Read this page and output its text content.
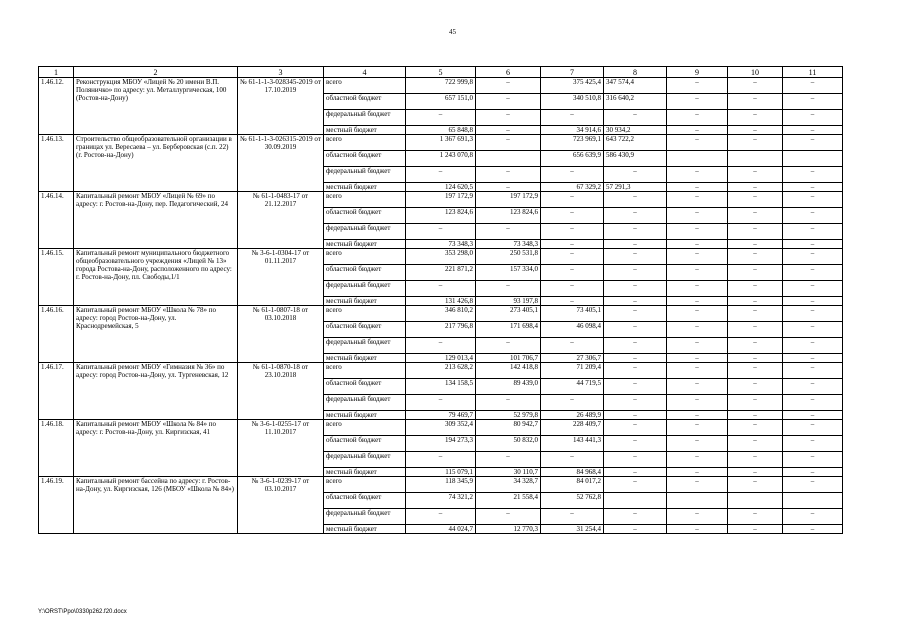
45
1	2	3	4	5	6	7	8	9	10	11
1.46.12.	Реконструкция МБОУ «Лицей № 20 имени В.П. Поляничко» по адресу: ул. Металлургическая, 100 (Ростов-на-Дону)	№ 61-1-1-3-028345-2019 от 17.10.2019	всего	722 999,8	–	375 425,4	347 574,4	–	–	–
			областной бюджет	657 151,0	–	340 510,8	316 640,2	–	–	–
			федеральный бюджет	–	–	–	–	–	–	–
			местный бюджет	65 848,8	–	34 914,6	30 934,2	–	–	–
1.46.13.	Строительство общеобразовательной организации в границах ул. Вересаева – ул. Берберовская (с.п. 22) (г. Ростов-на-Дону)	№ 61-1-1-3-026315-2019 от 30.09.2019	всего	1 367 691,3	–	723 969,1	643 722,2	–	–	–
			областной бюджет	1 243 070,8		656 639,9	586 430,9			
			федеральный бюджет	–	–	–	–	–	–	–
			местный бюджет	124 620,5	–	67 329,2	57 291,3	–	–	–
1.46.14.	Капитальный ремонт МБОУ «Лицей № 69» по адресу: г. Ростов-на-Дону, пер. Педагогический, 24	№ 61-1-0483-17 от 21.12.2017	всего	197 172,9	197 172,9	–	–	–	–	–
			областной бюджет	123 824,6	123 824,6	–	–	–	–	–
			федеральный бюджет	–	–	–	–	–	–	–
			местный бюджет	73 348,3	73 348,3	–	–	–	–	–
1.46.15.	Капитальный ремонт муниципального бюджетного общеобразовательного учреждения «Лицей № 13» города Ростова-на-Дону, расположенного по адресу: г. Ростов-на-Дону, пл. Свободы,1/1	№ 3-6-1-0304-17 от 01.11.2017	всего	353 298,0	250 531,8	–	–	–	–	–
			областной бюджет	221 871,2	157 334,0	–	–	–	–	–
			федеральный бюджет	–	–	–	–	–	–	–
			местный бюджет	131 426,8	93 197,8	–	–	–	–	–
1.46.16.	Капитальный ремонт МБОУ «Школа № 78» по адресу: город Ростов-на-Дону, ул. Краснодремейская, 5	№ 61-1-0807-18 от 03.10.2018	всего	346 810,2	273 405,1	73 405,1	–	–	–	–
			областной бюджет	217 796,8	171 698,4	46 098,4	–	–	–	–
			федеральный бюджет	–	–	–	–	–	–	–
			местный бюджет	129 013,4	101 706,7	27 306,7	–	–	–	–
1.46.17.	Капитальный ремонт МБОУ «Гимназия № 36» по адресу: город Ростов-на-Дону, ул. Тургеневская, 12	№ 61-1-0870-18 от 23.10.2018	всего	213 628,2	142 418,8	71 209,4	–	–	–	–
			областной бюджет	134 158,5	89 439,0	44 719,5	–	–	–	–
			федеральный бюджет	–	–	–	–	–	–	–
			местный бюджет	79 469,7	52 979,8	26 489,9	–	–	–	–
1.46.18.	Капитальный ремонт МБОУ «Школа № 84» по адресу: г. Ростов-на-Дону, ул. Киргизская, 41	№ 3-6-1-0255-17 от 11.10.2017	всего	309 352,4	80 942,7	228 409,7	–	–	–	–
			областной бюджет	194 273,3	50 832,0	143 441,3	–	–	–	–
			федеральный бюджет	–	–	–	–	–	–	–
			местный бюджет	115 079,1	30 110,7	84 968,4	–	–	–	–
1.46.19.	Капитальный ремонт бассейна по адресу: г. Ростов-на-Дону, ул. Киргизская, 126 (МБОУ «Школа № 84»)	№ 3-6-1-0239-17 от 03.10.2017	всего	118 345,9	34 328,7	84 017,2	–	–	–	–
			областной бюджет	74 321,2	21 558,4	52 762,8				
			федеральный бюджет	–	–	–	–	–	–	–
			местный бюджет	44 024,7	12 770,3	31 254,4	–	–	–	–
Y:\ORST\Ppo\0330p262.f20.docx
